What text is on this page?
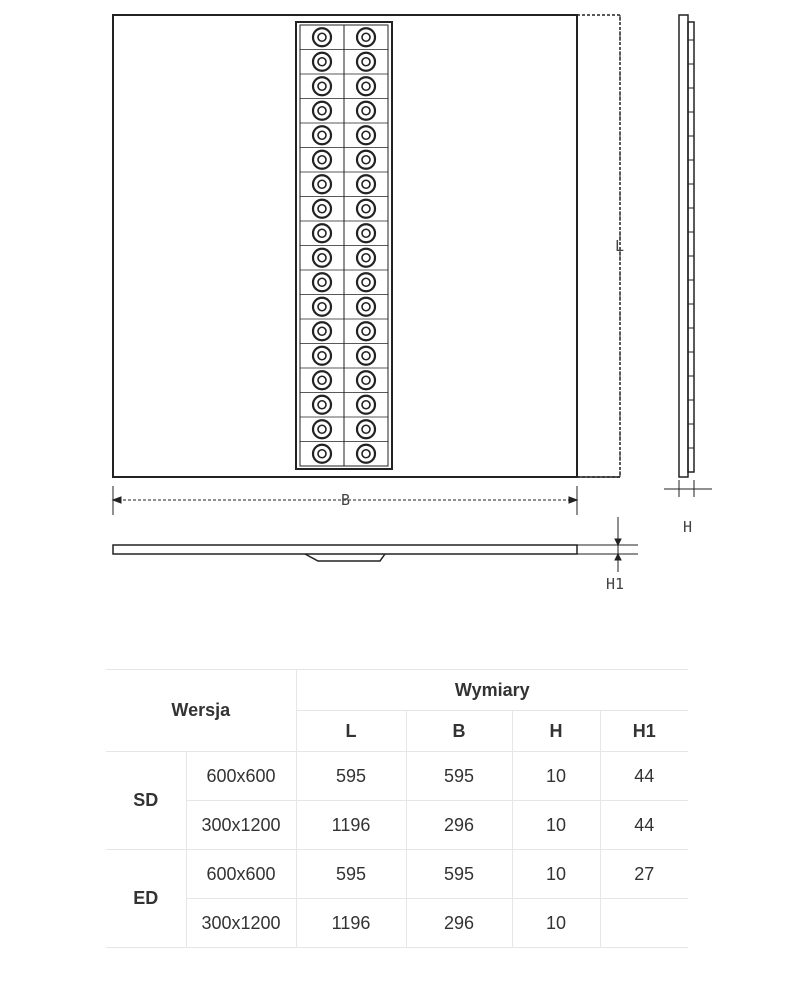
L
B
H
H1
Wersja		Wymiary			
		L	B	H	H1
SD	600x600	595	595	10	44
	300x1200	1196	296	10	44
ED	600x600	595	595	10	27
	300x1200	1196	296	10	
